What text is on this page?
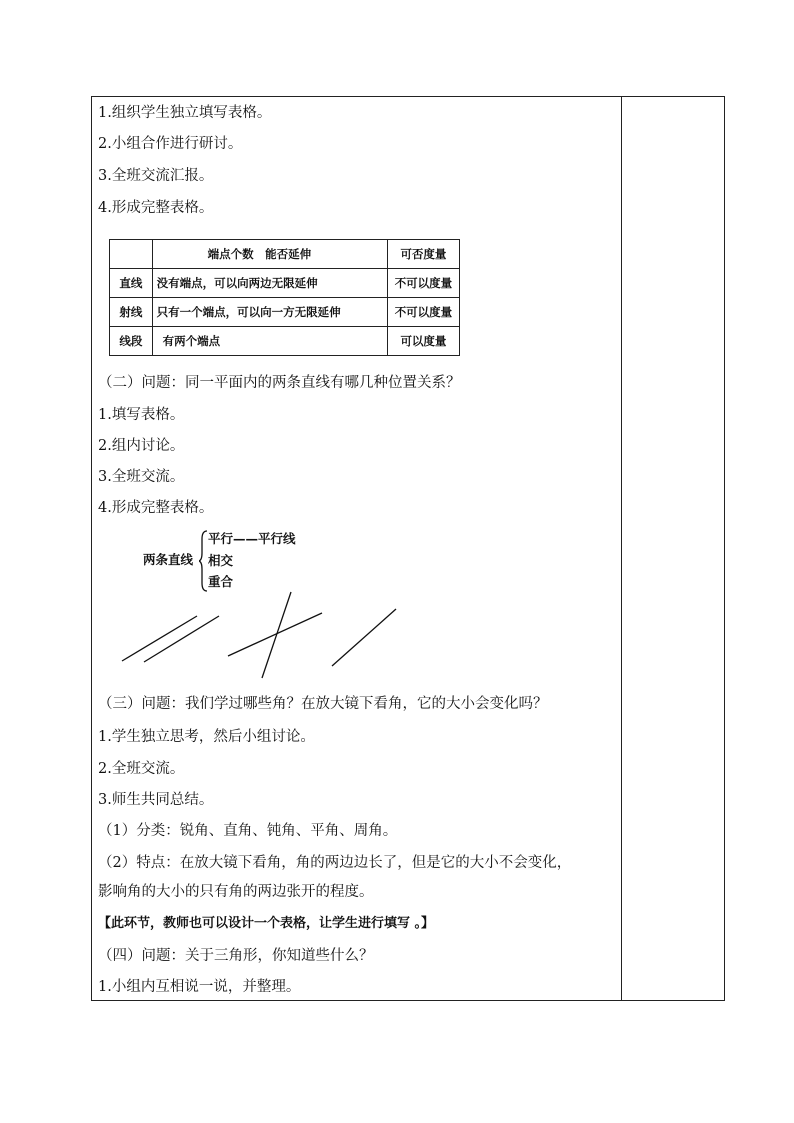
1.组织学生独立填写表格。
2.小组合作进行研讨。
3.全班交流汇报。
4.形成完整表格。
	端点个数　能否延伸	可否度量
直线	没有端点，可以向两边无限延伸	不可以度量
射线	只有一个端点，可以向一方无限延伸	不可以度量
线段	有两个端点	可以度量
（二）问题：同一平面内的两条直线有哪几种位置关系？
1.填写表格。
2.组内讨论。
3.全班交流。
4.形成完整表格。
两条直线
平行——平行线
相交
重合
（三）问题：我们学过哪些角？在放大镜下看角，它的大小会变化吗？
1.学生独立思考，然后小组讨论。
2.全班交流。
3.师生共同总结。
（1）分类：锐角、直角、钝角、平角、周角。
（2）特点：在放大镜下看角，角的两边边长了，但是它的大小不会变化，
影响角的大小的只有角的两边张开的程度。
【此环节，教师也可以设计一个表格，让学生进行填写 。】
（四）问题：关于三角形，你知道些什么？
1.小组内互相说一说，并整理。
